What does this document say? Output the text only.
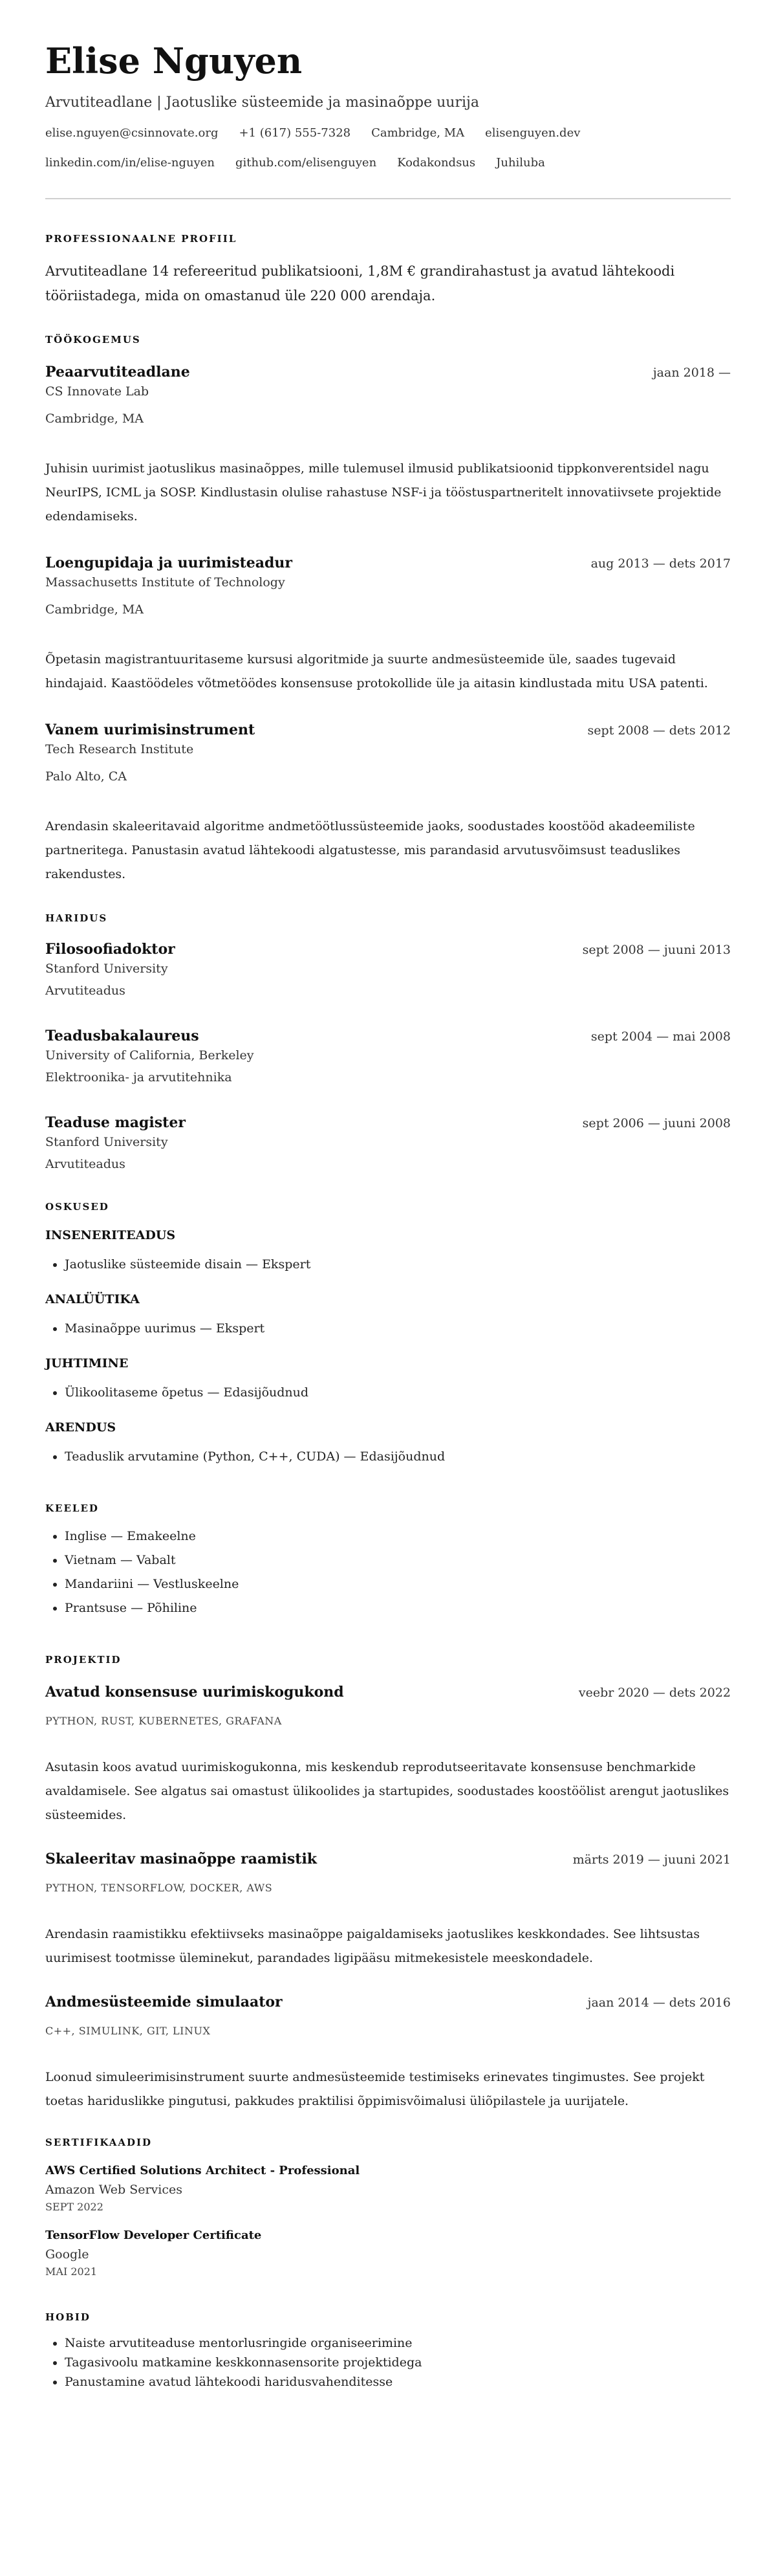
Elise Nguyen
Arvutiteadlane | Jaotuslike süsteemide ja masinaõppe uurija
elise.nguyen@csinnovate.org +1 (617) 555-7328 Cambridge, MA elisenguyen.dev
linkedin.com/in/elise-nguyen github.com/elisenguyen Kodakondsus Juhiluba
PROFESSIONAALNE PROFIIL

Arvutiteadlane 14 refereeritud publikatsiooni, 1,8M € grandirahastust ja avatud lähtekoodi tööriistadega, mida on omastanud üle 220 000 arendaja.

TÖÖKOGEMUS
Peaarvutiteadlane	jaan 2018 —
CS Innovate Lab
Cambridge, MA
Juhisin uurimist jaotuslikus masinaõppes, mille tulemusel ilmusid publikatsioonid tippkonverentsidel nagu NeurIPS, ICML ja SOSP. Kindlustasin olulise rahastuse NSF-i ja tööstuspartneritelt innovatiivsete projektide edendamiseks.
Loengupidaja ja uurimisteadur	aug 2013 — dets 2017
Massachusetts Institute of Technology
Cambridge, MA
Õpetasin magistrantuuritaseme kursusi algoritmide ja suurte andmesüsteemide üle, saades tugevaid hindajaid. Kaastöödeles võtmetöödes konsensuse protokollide üle ja aitasin kindlustada mitu USA patenti.
Vanem uurimisinstrument	sept 2008 — dets 2012
Tech Research Institute
Palo Alto, CA
Arendasin skaleeritavaid algoritme andmetöötlussüsteemide jaoks, soodustades koostööd akadeemiliste partneritega. Panustasin avatud lähtekoodi algatustesse, mis parandasid arvutusvõimsust teaduslikes rakendustes.
HARIDUS
Filosoofiadoktor	sept 2008 — juuni 2013
Stanford University
Arvutiteadus
Teadusbakalaureus	sept 2004 — mai 2008
University of California, Berkeley
Elektroonika- ja arvutitehnika
Teaduse magister	sept 2006 — juuni 2008
Stanford University
Arvutiteadus
OSKUSED
INSENERITEADUS
• Jaotuslike süsteemide disain — Ekspert
ANALÜÜTIKA
• Masinaõppe uurimus — Ekspert
JUHTIMINE
• Ülikoolitaseme õpetus — Edasijõudnud
ARENDUS
• Teaduslik arvutamine (Python, C++, CUDA) — Edasijõudnud
KEELED
• Inglise — Emakeelne
• Vietnam — Vabalt
• Mandariini — Vestluskeelne
• Prantsuse — Põhiline
PROJEKTID
Avatud konsensuse uurimiskogukond	veebr 2020 — dets 2022
PYTHON, RUST, KUBERNETES, GRAFANA
Asutasin koos avatud uurimiskogukonna, mis keskendub reprodutseeritavate konsensuse benchmarkide avaldamisele. See algatus sai omastust ülikoolides ja startupides, soodustades koostöölist arengut jaotuslikes süsteemides.
Skaleeritav masinaõppe raamistik	märts 2019 — juuni 2021
PYTHON, TENSORFLOW, DOCKER, AWS
Arendasin raamistikku efektiivseks masinaõppe paigaldamiseks jaotuslikes keskkondades. See lihtsustas uurimisest tootmisse üleminekut, parandades ligipääsu mitmekesistele meeskondadele.
Andmesüsteemide simulaator	jaan 2014 — dets 2016
C++, SIMULINK, GIT, LINUX
Loonud simuleerimisinstrument suurte andmesüsteemide testimiseks erinevates tingimustes. See projekt toetas hariduslikke pingutusi, pakkudes praktilisi õppimisvõimalusi üliõpilastele ja uurijatele.
SERTIFIKAADID
AWS Certified Solutions Architect - Professional
Amazon Web Services
SEPT 2022
TensorFlow Developer Certificate
Google
MAI 2021
HOBID
• Naiste arvutiteaduse mentorlusringide organiseerimine
• Tagasivoolu matkamine keskkonnasensorite projektidega
• Panustamine avatud lähtekoodi haridusvahenditesse
